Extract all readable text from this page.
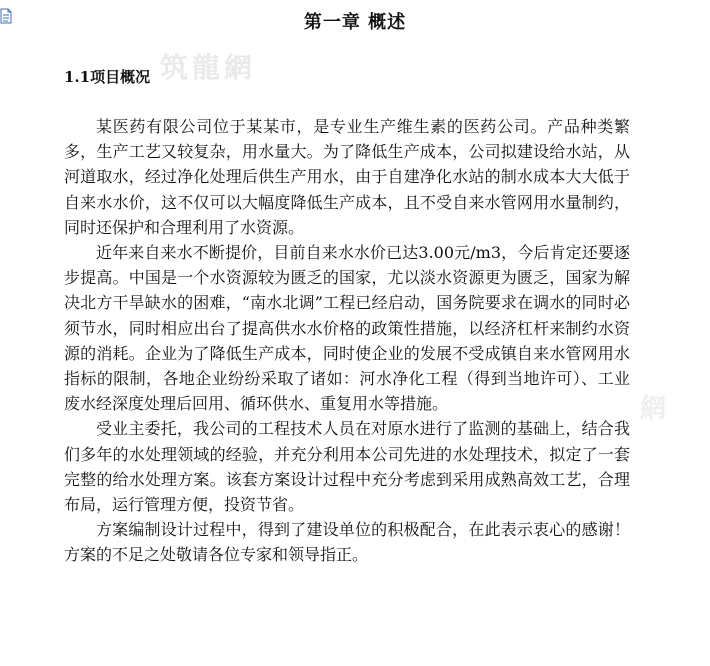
筑龍網
網
第一章 概述
1.1项目概况

某医药有限公司位于某某市，是专业生产维生素的医药公司。产品种类繁多，生产工艺又较复杂，用水量大。为了降低生产成本，公司拟建设给水站，从河道取水，经过净化处理后供生产用水，由于自建净化水站的制水成本大大低于自来水水价，这不仅可以大幅度降低生产成本，且不受自来水管网用水量制约，同时还保护和合理利用了水资源。

近年来自来水不断提价，目前自来水水价已达3.00元/m3，今后肯定还要逐步提高。中国是一个水资源较为匮乏的国家，尤以淡水资源更为匮乏，国家为解决北方干旱缺水的困难，“南水北调”工程已经启动，国务院要求在调水的同时必须节水，同时相应出台了提高供水水价格的政策性措施，以经济杠杆来制约水资源的消耗。企业为了降低生产成本，同时使企业的发展不受成镇自来水管网用水指标的限制，各地企业纷纷采取了诸如：河水净化工程（得到当地许可）、工业废水经深度处理后回用、循环供水、重复用水等措施。

受业主委托，我公司的工程技术人员在对原水进行了监测的基础上，结合我们多年的水处理领域的经验，并充分利用本公司先进的水处理技术，拟定了一套完整的给水处理方案。该套方案设计过程中充分考虑到采用成熟高效工艺，合理布局，运行管理方便，投资节省。

方案编制设计过程中，得到了建设单位的积极配合，在此表示衷心的感谢！方案的不足之处敬请各位专家和领导指正。
